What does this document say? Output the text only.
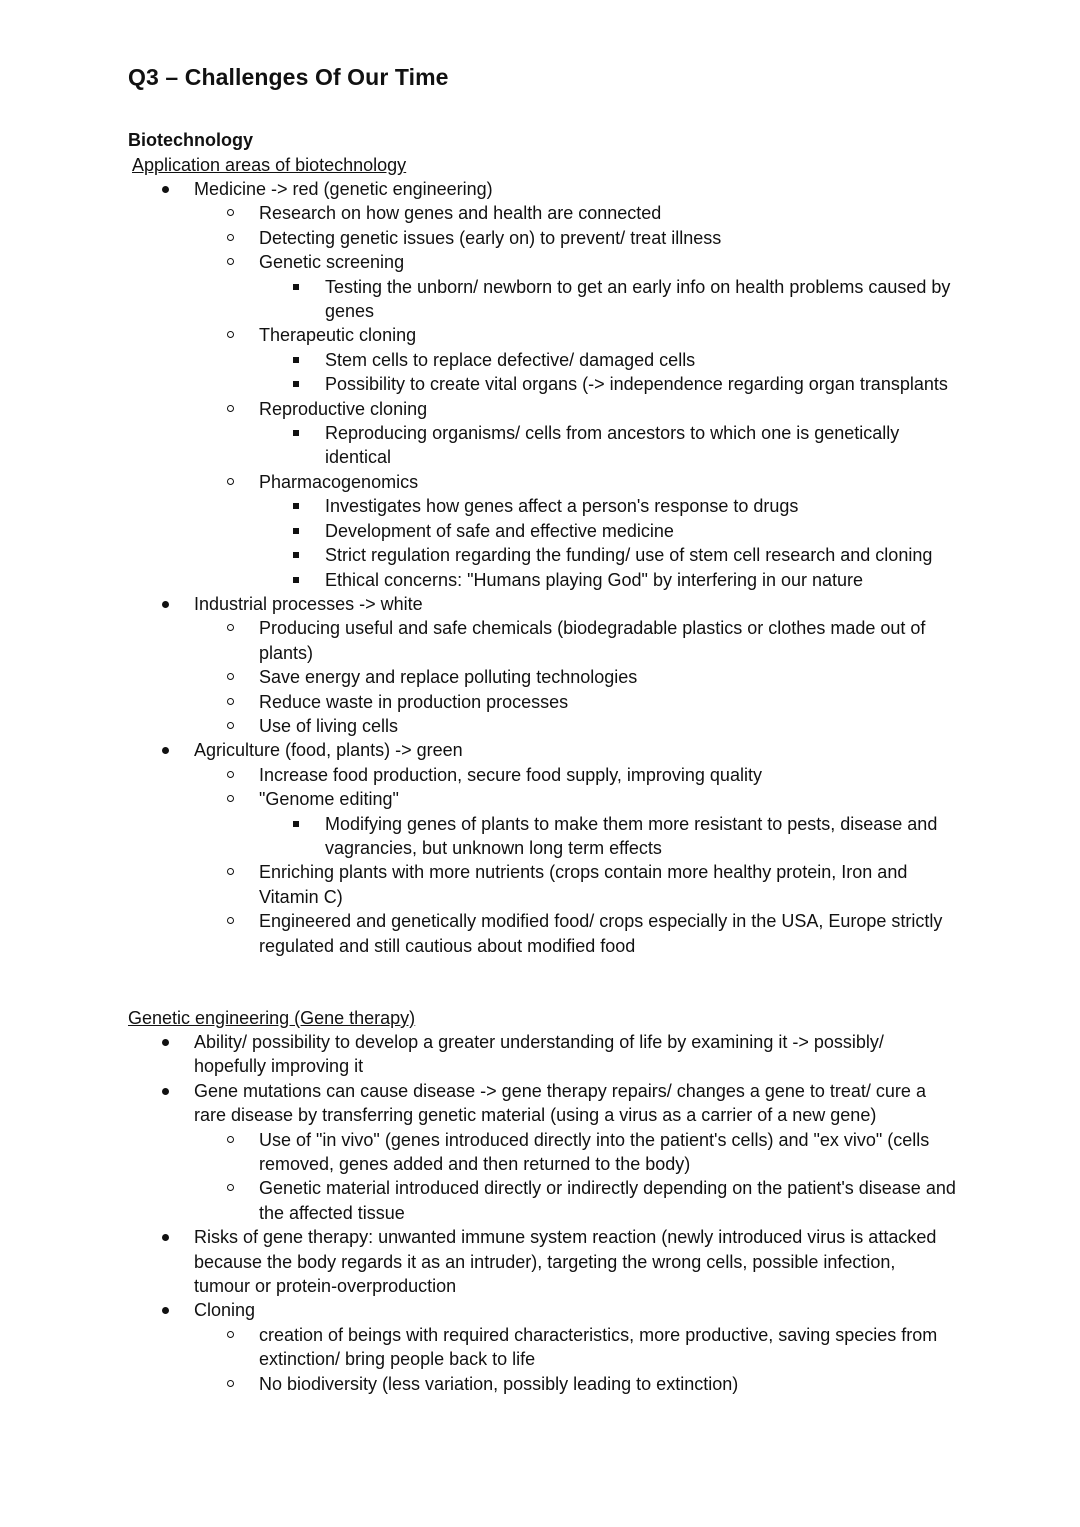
Q3 – Challenges Of Our Time
Biotechnology
Application areas of biotechnology
Medicine -> red (genetic engineering)
Research on how genes and health are connected
Detecting genetic issues (early on) to prevent/ treat illness
Genetic screening
Testing the unborn/ newborn to get an early info on health problems caused by genes
Therapeutic cloning
Stem cells to replace defective/ damaged cells
Possibility to create vital organs (-> independence regarding organ transplants
Reproductive cloning
Reproducing organisms/ cells from ancestors to which one is genetically identical
Pharmacogenomics
Investigates how genes affect a person's response to drugs
Development of safe and effective medicine
Strict regulation regarding the funding/ use of stem cell research and cloning
Ethical concerns: "Humans playing God" by interfering in our nature
Industrial processes -> white
Producing useful and safe chemicals (biodegradable plastics or clothes made out of plants)
Save energy and replace polluting technologies
Reduce waste in production processes
Use of living cells
Agriculture (food, plants) -> green
Increase food production, secure food supply, improving quality
"Genome editing"
Modifying genes of plants to make them more resistant to pests, disease and vagrancies, but unknown long term effects
Enriching plants with more nutrients (crops contain more healthy protein, Iron and Vitamin C)
Engineered and genetically modified food/ crops especially in the USA, Europe strictly regulated and still cautious about modified food
Genetic engineering (Gene therapy)
Ability/ possibility to develop a greater understanding of life by examining it -> possibly/ hopefully improving it
Gene mutations can cause disease -> gene therapy repairs/ changes a gene to treat/ cure a rare disease by transferring genetic material (using a virus as a carrier of a new gene)
Use of "in vivo" (genes introduced directly into the patient's cells) and "ex vivo" (cells removed, genes added and then returned to the body)
Genetic material introduced directly or indirectly depending on the patient's disease and the affected tissue
Risks of gene therapy: unwanted immune system reaction (newly introduced virus is attacked because the body regards it as an intruder), targeting the wrong cells, possible infection, tumour or protein-overproduction
Cloning
creation of beings with required characteristics, more productive, saving species from extinction/ bring people back to life
No biodiversity (less variation, possibly leading to extinction)
